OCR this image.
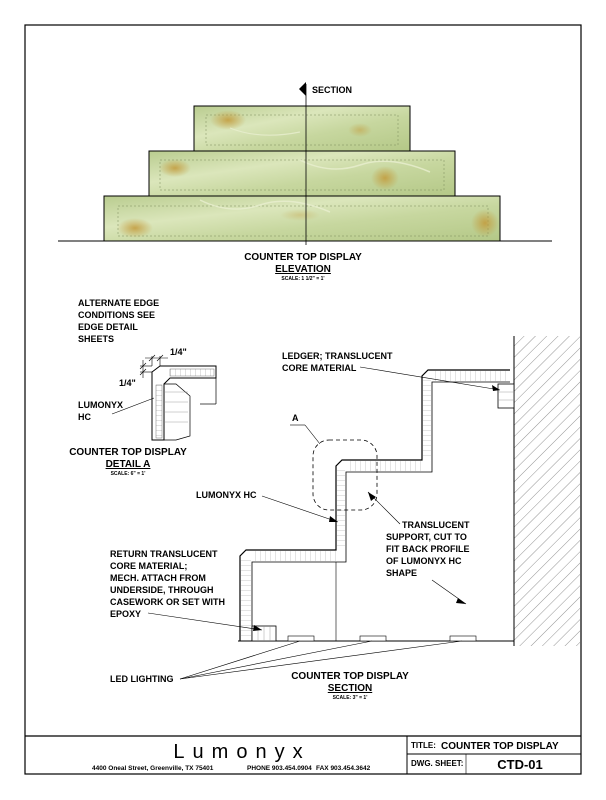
SECTION
COUNTER TOP DISPLAY
ELEVATION
SCALE: 1 1/2" = 1'
ALTERNATE EDGE
CONDITIONS SEE
EDGE DETAIL
SHEETS
1/4"
1/4"
LUMONYX
HC
COUNTER TOP DISPLAY
DETAIL A
SCALE: 6" = 1'
A
LEDGER; TRANSLUCENT
CORE MATERIAL
LUMONYX HC
TRANSLUCENT
SUPPORT, CUT TO
FIT BACK PROFILE
OF LUMONYX HC
SHAPE
RETURN TRANSLUCENT
CORE MATERIAL;
MECH. ATTACH FROM
UNDERSIDE, THROUGH
CASEWORK OR SET WITH
EPOXY
LED LIGHTING	COUNTER TOP DISPLAY
SECTION
SCALE: 3" = 1'
Lumonyx
4400 Oneal Street, Greenville, TX 75401	PHONE 903.454.0904 FAX 903.454.3642
TITLE: COUNTER TOP DISPLAY
DWG. SHEET:	CTD-01
